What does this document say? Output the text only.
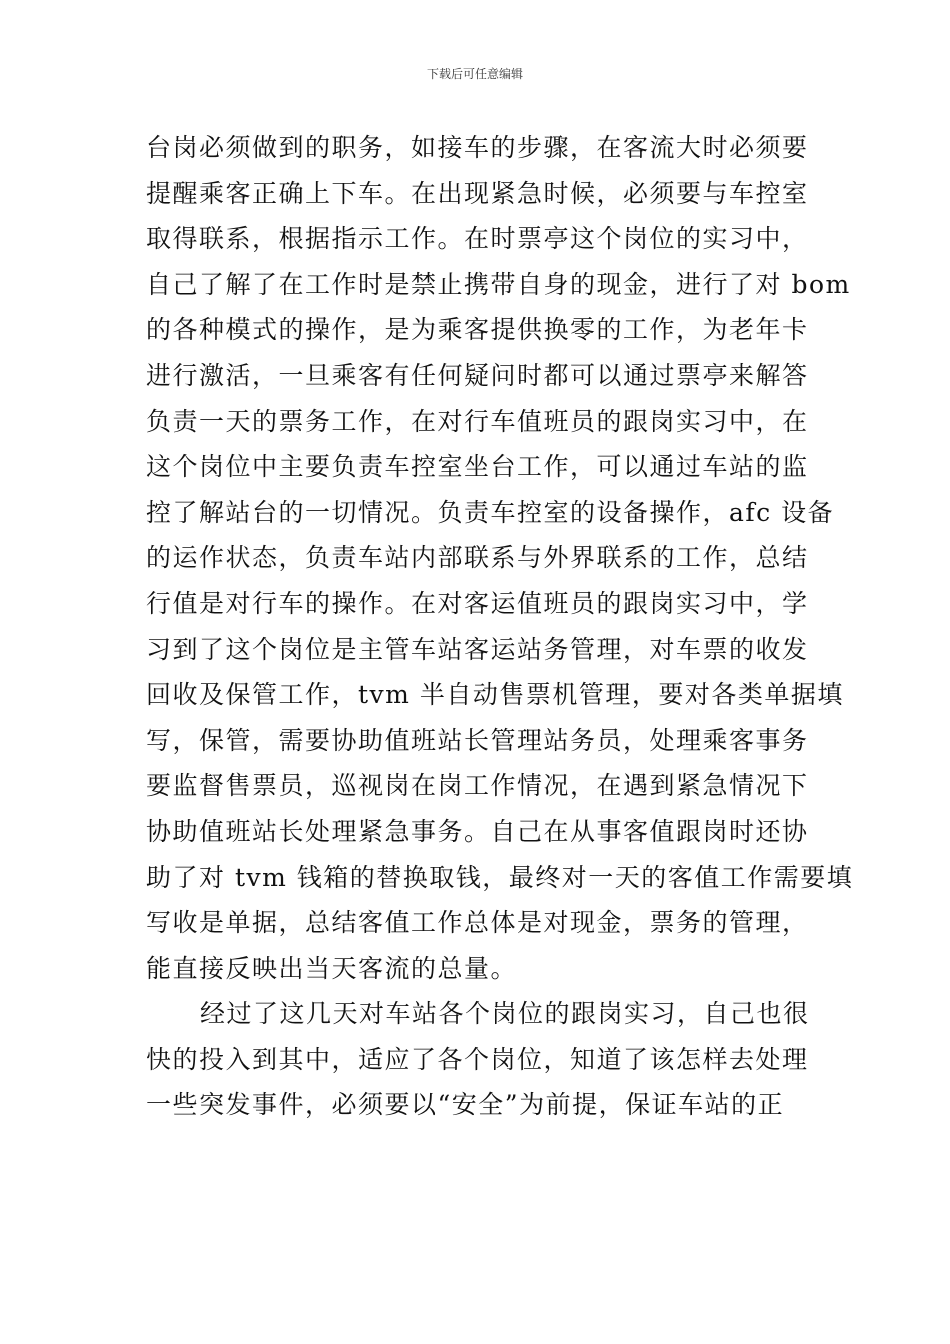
下载后可任意编辑
台岗必须做到的职务，如接车的步骤，在客流大时必须要
提醒乘客正确上下车。在出现紧急时候，必须要与车控室
取得联系，根据指示工作。在时票亭这个岗位的实习中，
自己了解了在工作时是禁止携带自身的现金，进行了对 bom
的各种模式的操作，是为乘客提供换零的工作，为老年卡
进行激活，一旦乘客有任何疑问时都可以通过票亭来解答
负责一天的票务工作，在对行车值班员的跟岗实习中，在
这个岗位中主要负责车控室坐台工作，可以通过车站的监
控了解站台的一切情况。负责车控室的设备操作，afc 设备
的运作状态，负责车站内部联系与外界联系的工作，总结
行值是对行车的操作。在对客运值班员的跟岗实习中，学
习到了这个岗位是主管车站客运站务管理，对车票的收发
回收及保管工作，tvm 半自动售票机管理，要对各类单据填
写，保管，需要协助值班站长管理站务员，处理乘客事务
要监督售票员，巡视岗在岗工作情况，在遇到紧急情况下
协助值班站长处理紧急事务。自己在从事客值跟岗时还协
助了对 tvm 钱箱的替换取钱，最终对一天的客值工作需要填
写收是单据，总结客值工作总体是对现金，票务的管理，
能直接反映出当天客流的总量。
经过了这几天对车站各个岗位的跟岗实习，自己也很
快的投入到其中，适应了各个岗位，知道了该怎样去处理
一些突发事件，必须要以“安全”为前提，保证车站的正
